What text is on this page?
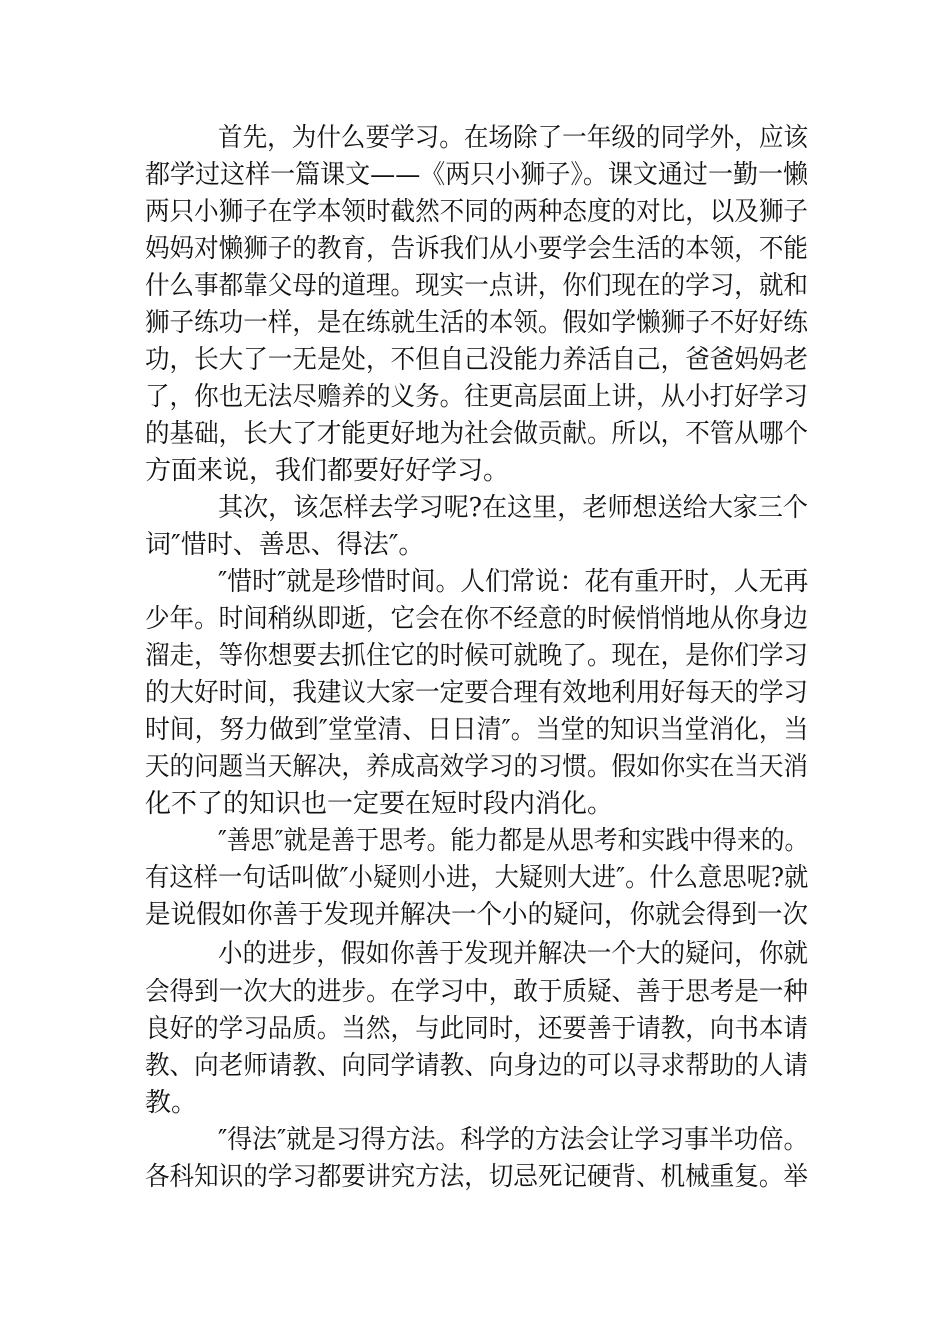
首先，为什么要学习。在场除了一年级的同学外，应该

都学过这样一篇课文——《两只小狮子》。课文通过一勤一懒

两只小狮子在学本领时截然不同的两种态度的对比，以及狮子

妈妈对懒狮子的教育，告诉我们从小要学会生活的本领，不能

什么事都靠父母的道理。现实一点讲，你们现在的学习，就和

狮子练功一样，是在练就生活的本领。假如学懒狮子不好好练

功，长大了一无是处，不但自己没能力养活自己，爸爸妈妈老

了，你也无法尽赡养的义务。往更高层面上讲，从小打好学习

的基础，长大了才能更好地为社会做贡献。所以，不管从哪个

方面来说，我们都要好好学习。

其次，该怎样去学习呢?在这里，老师想送给大家三个

词″惜时、善思、得法″。

″惜时″就是珍惜时间。人们常说：花有重开时，人无再

少年。时间稍纵即逝，它会在你不经意的时候悄悄地从你身边

溜走，等你想要去抓住它的时候可就晚了。现在，是你们学习

的大好时间，我建议大家一定要合理有效地利用好每天的学习

时间，努力做到″堂堂清、日日清″。当堂的知识当堂消化，当

天的问题当天解决，养成高效学习的习惯。假如你实在当天消

化不了的知识也一定要在短时段内消化。

″善思″就是善于思考。能力都是从思考和实践中得来的。

有这样一句话叫做″小疑则小进，大疑则大进″。什么意思呢?就

是说假如你善于发现并解决一个小的疑问，你就会得到一次

小的进步，假如你善于发现并解决一个大的疑问，你就

会得到一次大的进步。在学习中，敢于质疑、善于思考是一种

良好的学习品质。当然，与此同时，还要善于请教，向书本请

教、向老师请教、向同学请教、向身边的可以寻求帮助的人请

教。

″得法″就是习得方法。科学的方法会让学习事半功倍。

各科知识的学习都要讲究方法，切忌死记硬背、机械重复。举
